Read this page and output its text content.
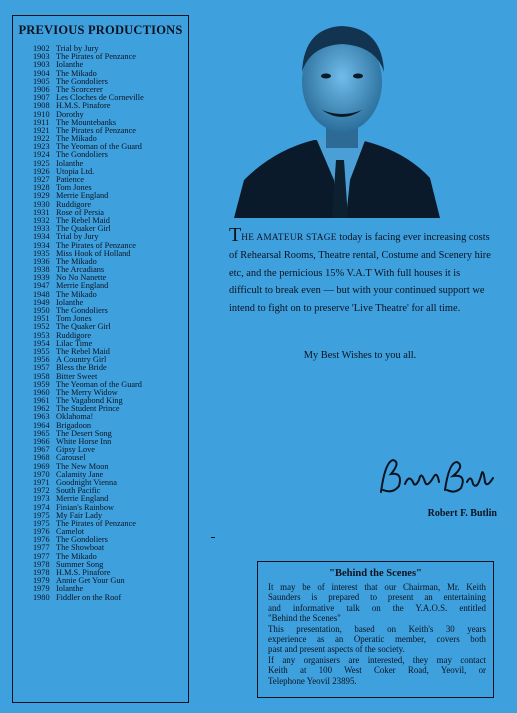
PREVIOUS PRODUCTIONS
1902 Trial by Jury
1903 The Pirates of Penzance
1903 Iolanthe
1904 The Mikado
1905 The Gondoliers
1906 The Scorcerer
1907 Les Cloches de Corneville
1908 H.M.S. Pinafore
1910 Dorothy
1911 The Mountebanks
1921 The Pirates of Penzance
1922 The Mikado
1923 The Yeoman of the Guard
1924 The Gondoliers
1925 Iolanthe
1926 Utopia Ltd.
1927 Patience
1928 Tom Jones
1929 Merrie England
1930 Ruddigore
1931 Rose of Persia
1932 The Rebel Maid
1933 The Quaker Girl
1934 Trial by Jury
1934 The Pirates of Penzance
1935 Miss Hook of Holland
1936 The Mikado
1938 The Arcadians
1939 No No Nanette
1947 Merrie England
1948 The Mikado
1949 Iolanthe
1950 The Gondoliers
1951 Tom Jones
1952 The Quaker Girl
1953 Ruddigore
1954 Lilac Time
1955 The Rebel Maid
1956 A Country Girl
1957 Bless the Bride
1958 Bitter Sweet
1959 The Yeoman of the Guard
1960 The Merry Widow
1961 The Vagabond King
1962 The Student Prince
1963 Oklahoma!
1964 Brigadoon
1965 The Desert Song
1966 White Horse Inn
1967 Gipsy Love
1968 Carousel
1969 The New Moon
1970 Calamity Jane
1971 Goodnight Vienna
1972 South Pacific
1973 Merrie England
1974 Finian's Rainbow
1975 My Fair Lady
1975 The Pirates of Penzance
1976 Camelot
1976 The Gondoliers
1977 The Showboat
1977 The Mikado
1978 Summer Song
1978 H.M.S. Pinafore
1979 Annie Get Your Gun
1979 Iolanthe
1980 Fiddler on the Roof
THE AMATEUR STAGE today is facing ever increasing costs of Rehearsal Rooms, Theatre rental, Costume and Scenery hire etc, and the pernicious 15% V.A.T With full houses it is difficult to break even — but with your continued support we intend to fight on to preserve 'Live Theatre' for all time.
My Best Wishes to you all.
Robert F. Butlin
"Behind the Scenes"
It may be of interest that our Chairman, Mr. Keith
Saunders is prepared to present an entertaining
and informative talk on the Y.A.O.S. entitled
"Behind the Scenes"
This presentation, based on Keith's 30 years
experience as an Operatic member, covers both
past and present aspects of the society.
If any organisers are interested, they may contact
Keith at 100 West Coker Road, Yeovil, or
Telephone Yeovil 23895.
